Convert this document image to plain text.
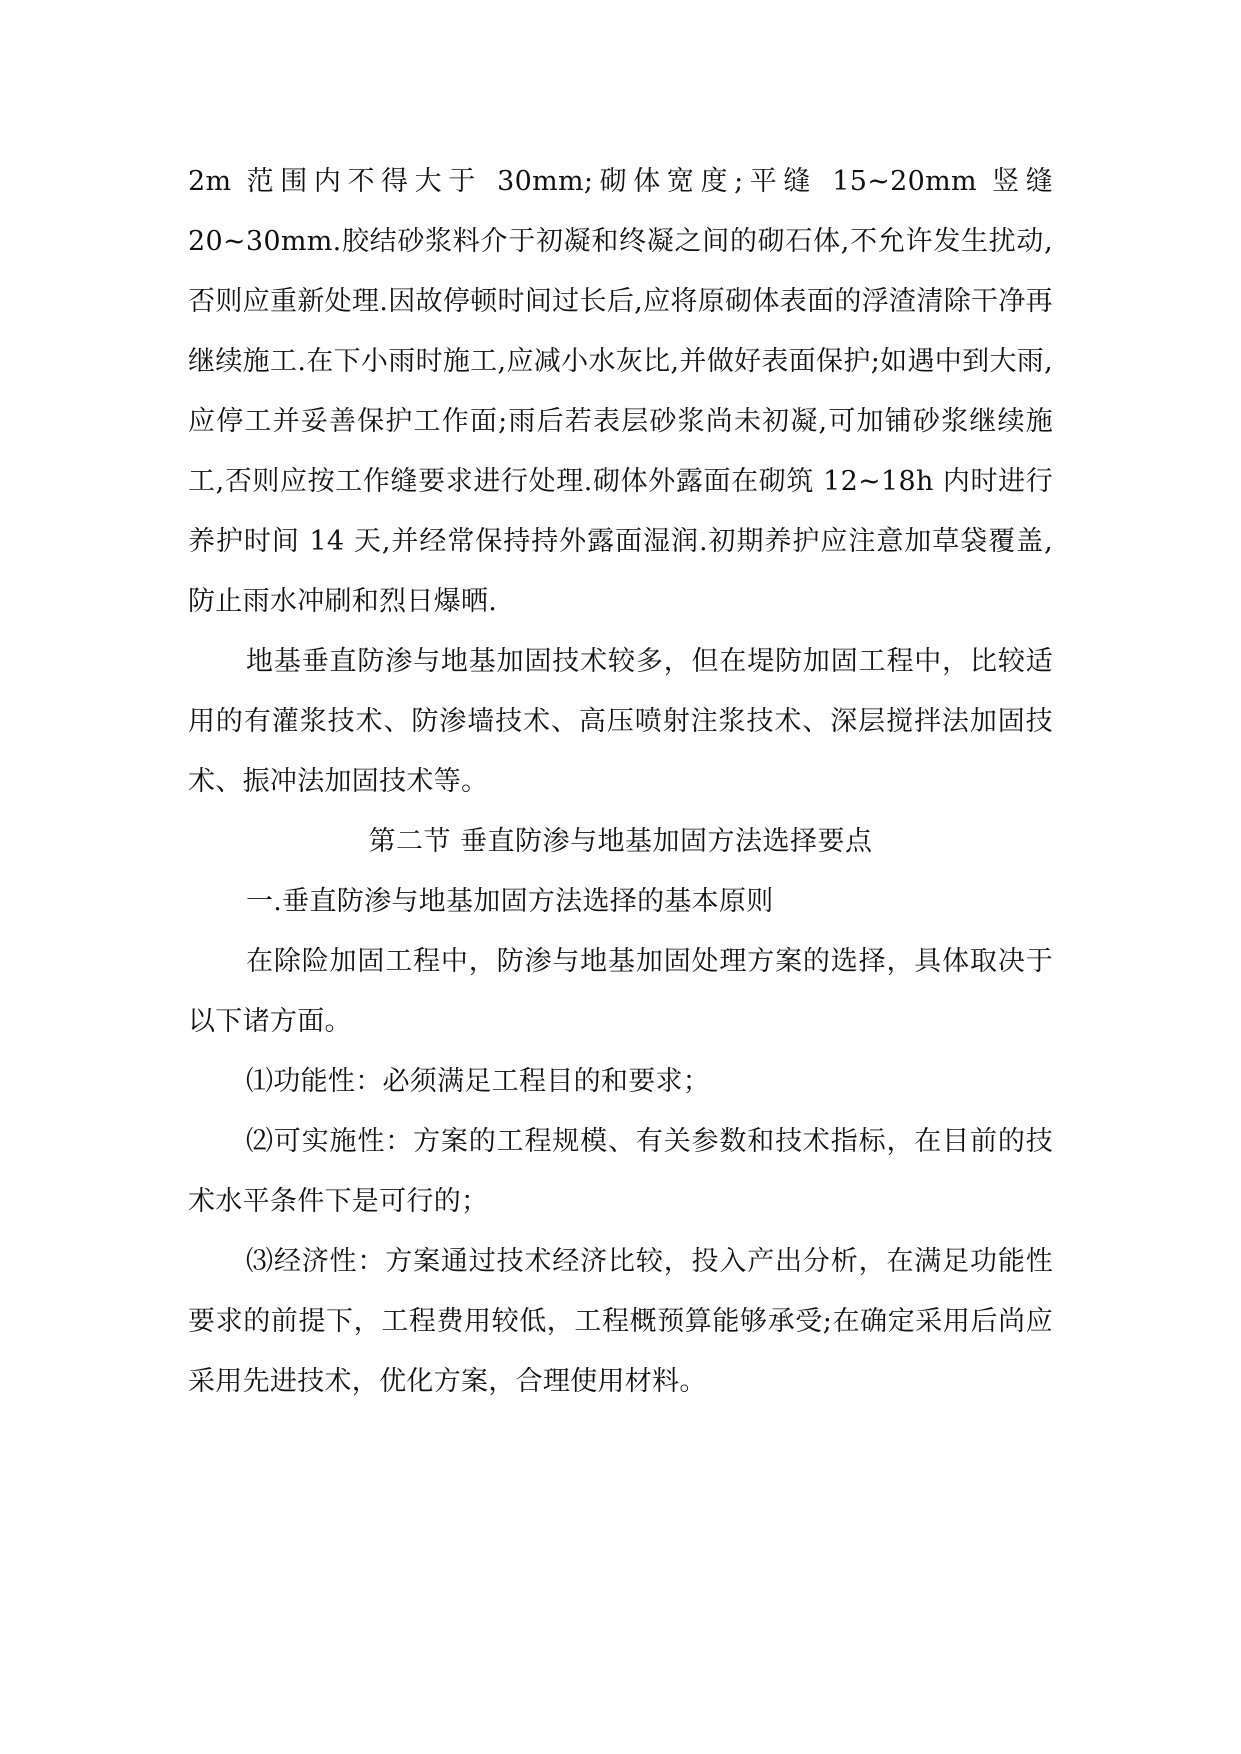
2m 范围内不得大于 30mm;砌体宽度;平缝 15~20mm 竖缝 20~30mm.胶结砂浆料介于初凝和终凝之间的砌石体,不允许发生扰动,否则应重新处理.因故停顿时间过长后,应将原砌体表面的浮渣清除干净再继续施工.在下小雨时施工,应减小水灰比,并做好表面保护;如遇中到大雨,应停工并妥善保护工作面;雨后若表层砂浆尚未初凝,可加铺砂浆继续施工,否则应按工作缝要求进行处理.砌体外露面在砌筑 12~18h 内时进行养护时间 14 天,并经常保持持外露面湿润.初期养护应注意加草袋覆盖,防止雨水冲刷和烈日爆晒.

地基垂直防渗与地基加固技术较多，但在堤防加固工程中，比较适用的有灌浆技术、防渗墙技术、高压喷射注浆技术、深层搅拌法加固技术、振冲法加固技术等。

第二节 垂直防渗与地基加固方法选择要点

一.垂直防渗与地基加固方法选择的基本原则

在除险加固工程中，防渗与地基加固处理方案的选择，具体取决于以下诸方面。

⑴功能性：必须满足工程目的和要求；

⑵可实施性：方案的工程规模、有关参数和技术指标，在目前的技术水平条件下是可行的；

⑶经济性：方案通过技术经济比较，投入产出分析，在满足功能性要求的前提下，工程费用较低，工程概预算能够承受;在确定采用后尚应采用先进技术，优化方案，合理使用材料。
